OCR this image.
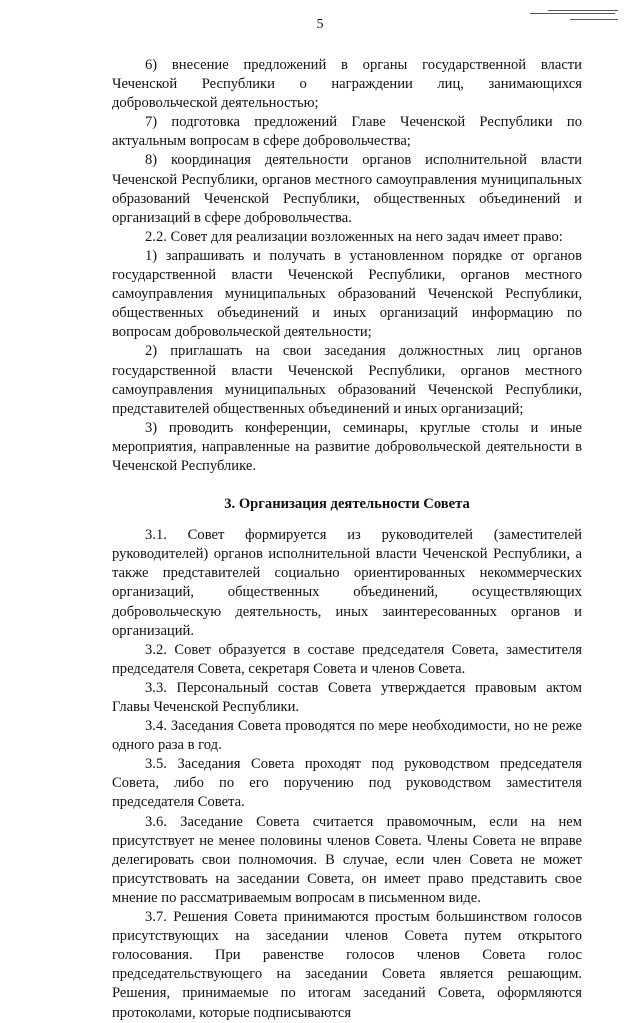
5

6) внесение предложений в органы государственной власти Чеченской Республики о награждении лиц, занимающихся добровольческой деятельностью;

7) подготовка предложений Главе Чеченской Республики по актуальным вопросам в сфере добровольчества;

8) координация деятельности органов исполнительной власти Чеченской Республики, органов местного самоуправления муниципальных образований Чеченской Республики, общественных объединений и организаций в сфере добровольчества.

2.2. Совет для реализации возложенных на него задач имеет право:

1) запрашивать и получать в установленном порядке от органов государственной власти Чеченской Республики, органов местного самоуправления муниципальных образований Чеченской Республики, общественных объединений и иных организаций информацию по вопросам добровольческой деятельности;

2) приглашать на свои заседания должностных лиц органов государственной власти Чеченской Республики, органов местного самоуправления муниципальных образований Чеченской Республики, представителей общественных объединений и иных организаций;

3) проводить конференции, семинары, круглые столы и иные мероприятия, направленные на развитие добровольческой деятельности в Чеченской Республике.

3. Организация деятельности Совета

3.1. Совет формируется из руководителей (заместителей руководителей) органов исполнительной власти Чеченской Республики, а также представителей социально ориентированных некоммерческих организаций, общественных объединений, осуществляющих добровольческую деятельность, иных заинтересованных органов и организаций.

3.2. Совет образуется в составе председателя Совета, заместителя председателя Совета, секретаря Совета и членов Совета.

3.3. Персональный состав Совета утверждается правовым актом Главы Чеченской Республики.

3.4. Заседания Совета проводятся по мере необходимости, но не реже одного раза в год.

3.5. Заседания Совета проходят под руководством председателя Совета, либо по его поручению под руководством заместителя председателя Совета.

3.6. Заседание Совета считается правомочным, если на нем присутствует не менее половины членов Совета. Члены Совета не вправе делегировать свои полномочия. В случае, если член Совета не может присутствовать на заседании Совета, он имеет право представить свое мнение по рассматриваемым вопросам в письменном виде.

3.7. Решения Совета принимаются простым большинством голосов присутствующих на заседании членов Совета путем открытого голосования. При равенстве голосов членов Совета голос председательствующего на заседании Совета является решающим. Решения, принимаемые по итогам заседаний Совета, оформляются протоколами, которые подписываются
